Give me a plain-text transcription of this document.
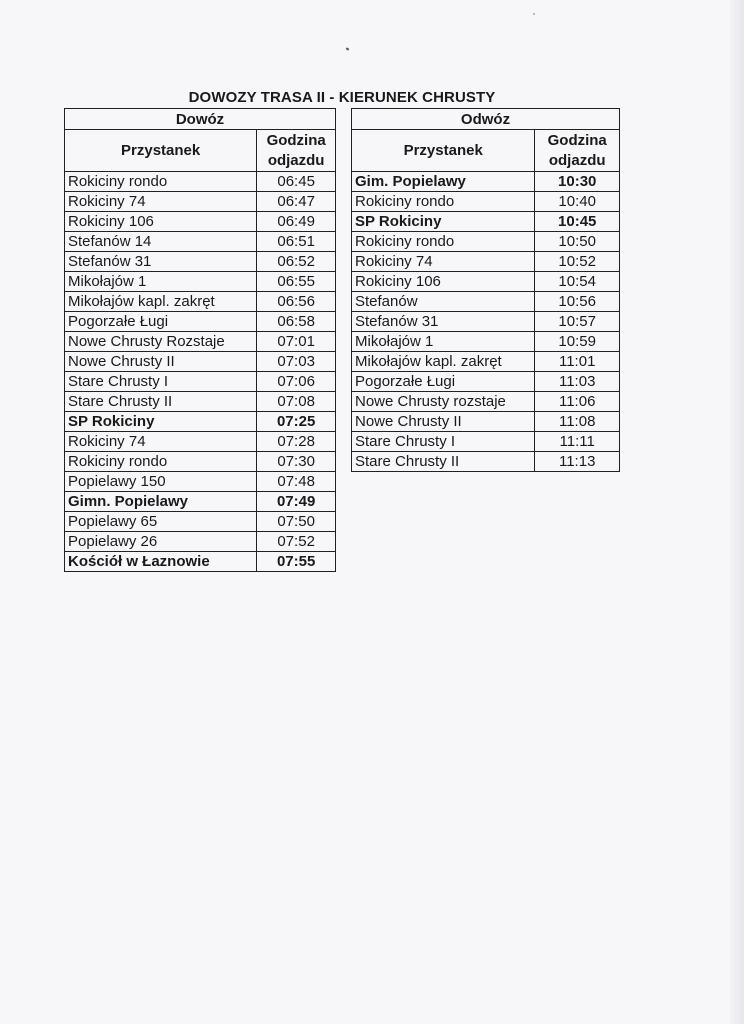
DOWOZY TRASA II - KIERUNEK CHRUSTY
Dowóz	
Przystanek	Godzina
odjazdu
Rokiciny rondo	06:45
Rokiciny 74	06:47
Rokiciny 106	06:49
Stefanów 14	06:51
Stefanów 31	06:52
Mikołajów 1	06:55
Mikołajów kapl. zakręt	06:56
Pogorzałe Ługi	06:58
Nowe Chrusty Rozstaje	07:01
Nowe Chrusty II	07:03
Stare Chrusty I	07:06
Stare Chrusty II	07:08
SP Rokiciny	07:25
Rokiciny 74	07:28
Rokiciny rondo	07:30
Popielawy 150	07:48
Gimn. Popielawy	07:49
Popielawy 65	07:50
Popielawy 26	07:52
Kościół w Łaznowie	07:55
Odwóz	
Przystanek	Godzina
odjazdu
Gim. Popielawy	10:30
Rokiciny rondo	10:40
SP Rokiciny	10:45
Rokiciny rondo	10:50
Rokiciny 74	10:52
Rokiciny 106	10:54
Stefanów	10:56
Stefanów 31	10:57
Mikołajów 1	10:59
Mikołajów kapl. zakręt	11:01
Pogorzałe Ługi	11:03
Nowe Chrusty rozstaje	11:06
Nowe Chrusty II	11:08
Stare Chrusty I	11:11
Stare Chrusty II	11:13
